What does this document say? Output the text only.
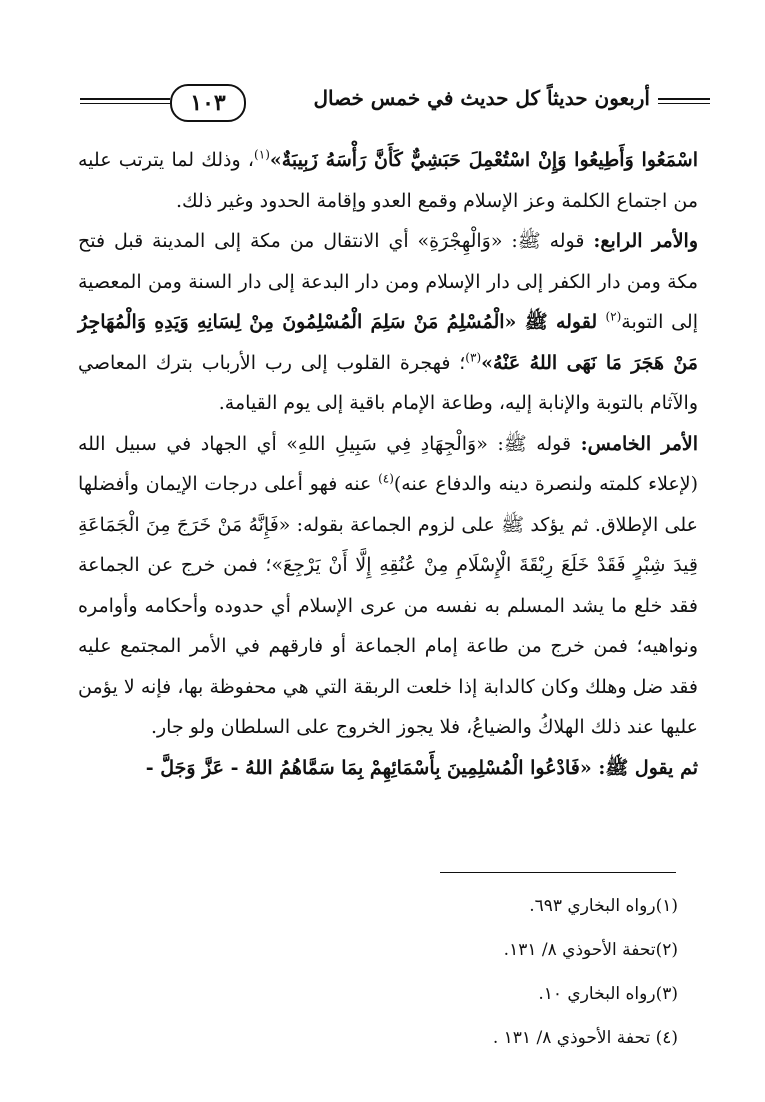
١٠٣	أربعون حديثاً كل حديث في خمس خصال

اسْمَعُوا وَأَطِيعُوا وَإِنْ اسْتُعْمِلَ حَبَشِيٌّ كَأَنَّ رَأْسَهُ زَبِيبَةٌ»$^{(١)}$، وذلك لما يترتب عليه من اجتماع الكلمة وعز الإسلام وقمع العدو وإقامة الحدود وغير ذلك.

والأمر الرابع: قوله ﷺ: «وَالْهِجْرَةِ» أي الانتقال من مكة إلى المدينة قبل فتح مكة ومن دار الكفر إلى دار الإسلام ومن دار البدعة إلى دار السنة ومن المعصية إلى التوبة$^{(٢)}$ لقوله ﷺ «الْمُسْلِمُ مَنْ سَلِمَ الْمُسْلِمُونَ مِنْ لِسَانِهِ وَيَدِهِ وَالْمُهَاجِرُ مَنْ هَجَرَ مَا نَهَى اللهُ عَنْهُ»$^{(٣)}$؛ فهجرة القلوب إلى رب الأرباب بترك المعاصي والآثام بالتوبة والإنابة إليه، وطاعة الإمام باقية إلى يوم القيامة.

الأمر الخامس: قوله ﷺ: «وَالْجِهَادِ فِي سَبِيلِ اللهِ» أي الجهاد في سبيل الله (لإعلاء كلمته ولنصرة دينه والدفاع عنه)$^{(٤)}$ عنه فهو أعلى درجات الإيمان وأفضلها على الإطلاق. ثم يؤكد ﷺ على لزوم الجماعة بقوله: «فَإِنَّهُ مَنْ خَرَجَ مِنَ الْجَمَاعَةِ قِيدَ شِبْرٍ فَقَدْ خَلَعَ رِبْقَةَ الْإِسْلَامِ مِنْ عُنُقِهِ إِلَّا أَنْ يَرْجِعَ»؛ فمن خرج عن الجماعة فقد خلع ما يشد المسلم به نفسه من عرى الإسلام أي حدوده وأحكامه وأوامره ونواهيه؛ فمن خرج من طاعة إمام الجماعة أو فارقهم في الأمر المجتمع عليه فقد ضل وهلك وكان كالدابة إذا خلعت الربقة التي هي محفوظة بها، فإنه لا يؤمن عليها عند ذلك الهلاكُ والضياعُ، فلا يجوز الخروج على السلطان ولو جار.

ثم يقول ﷺ: «فَادْعُوا الْمُسْلِمِينَ بِأَسْمَائِهِمْ بِمَا سَمَّاهُمُ اللهُ - عَزَّ وَجَلَّ -

(١)رواه البخاري ٦٩٣.
(٢)تحفة الأحوذي ٨/ ١٣١.
(٣)رواه البخاري ١٠.
(٤) تحفة الأحوذي ٨/ ١٣١ .
